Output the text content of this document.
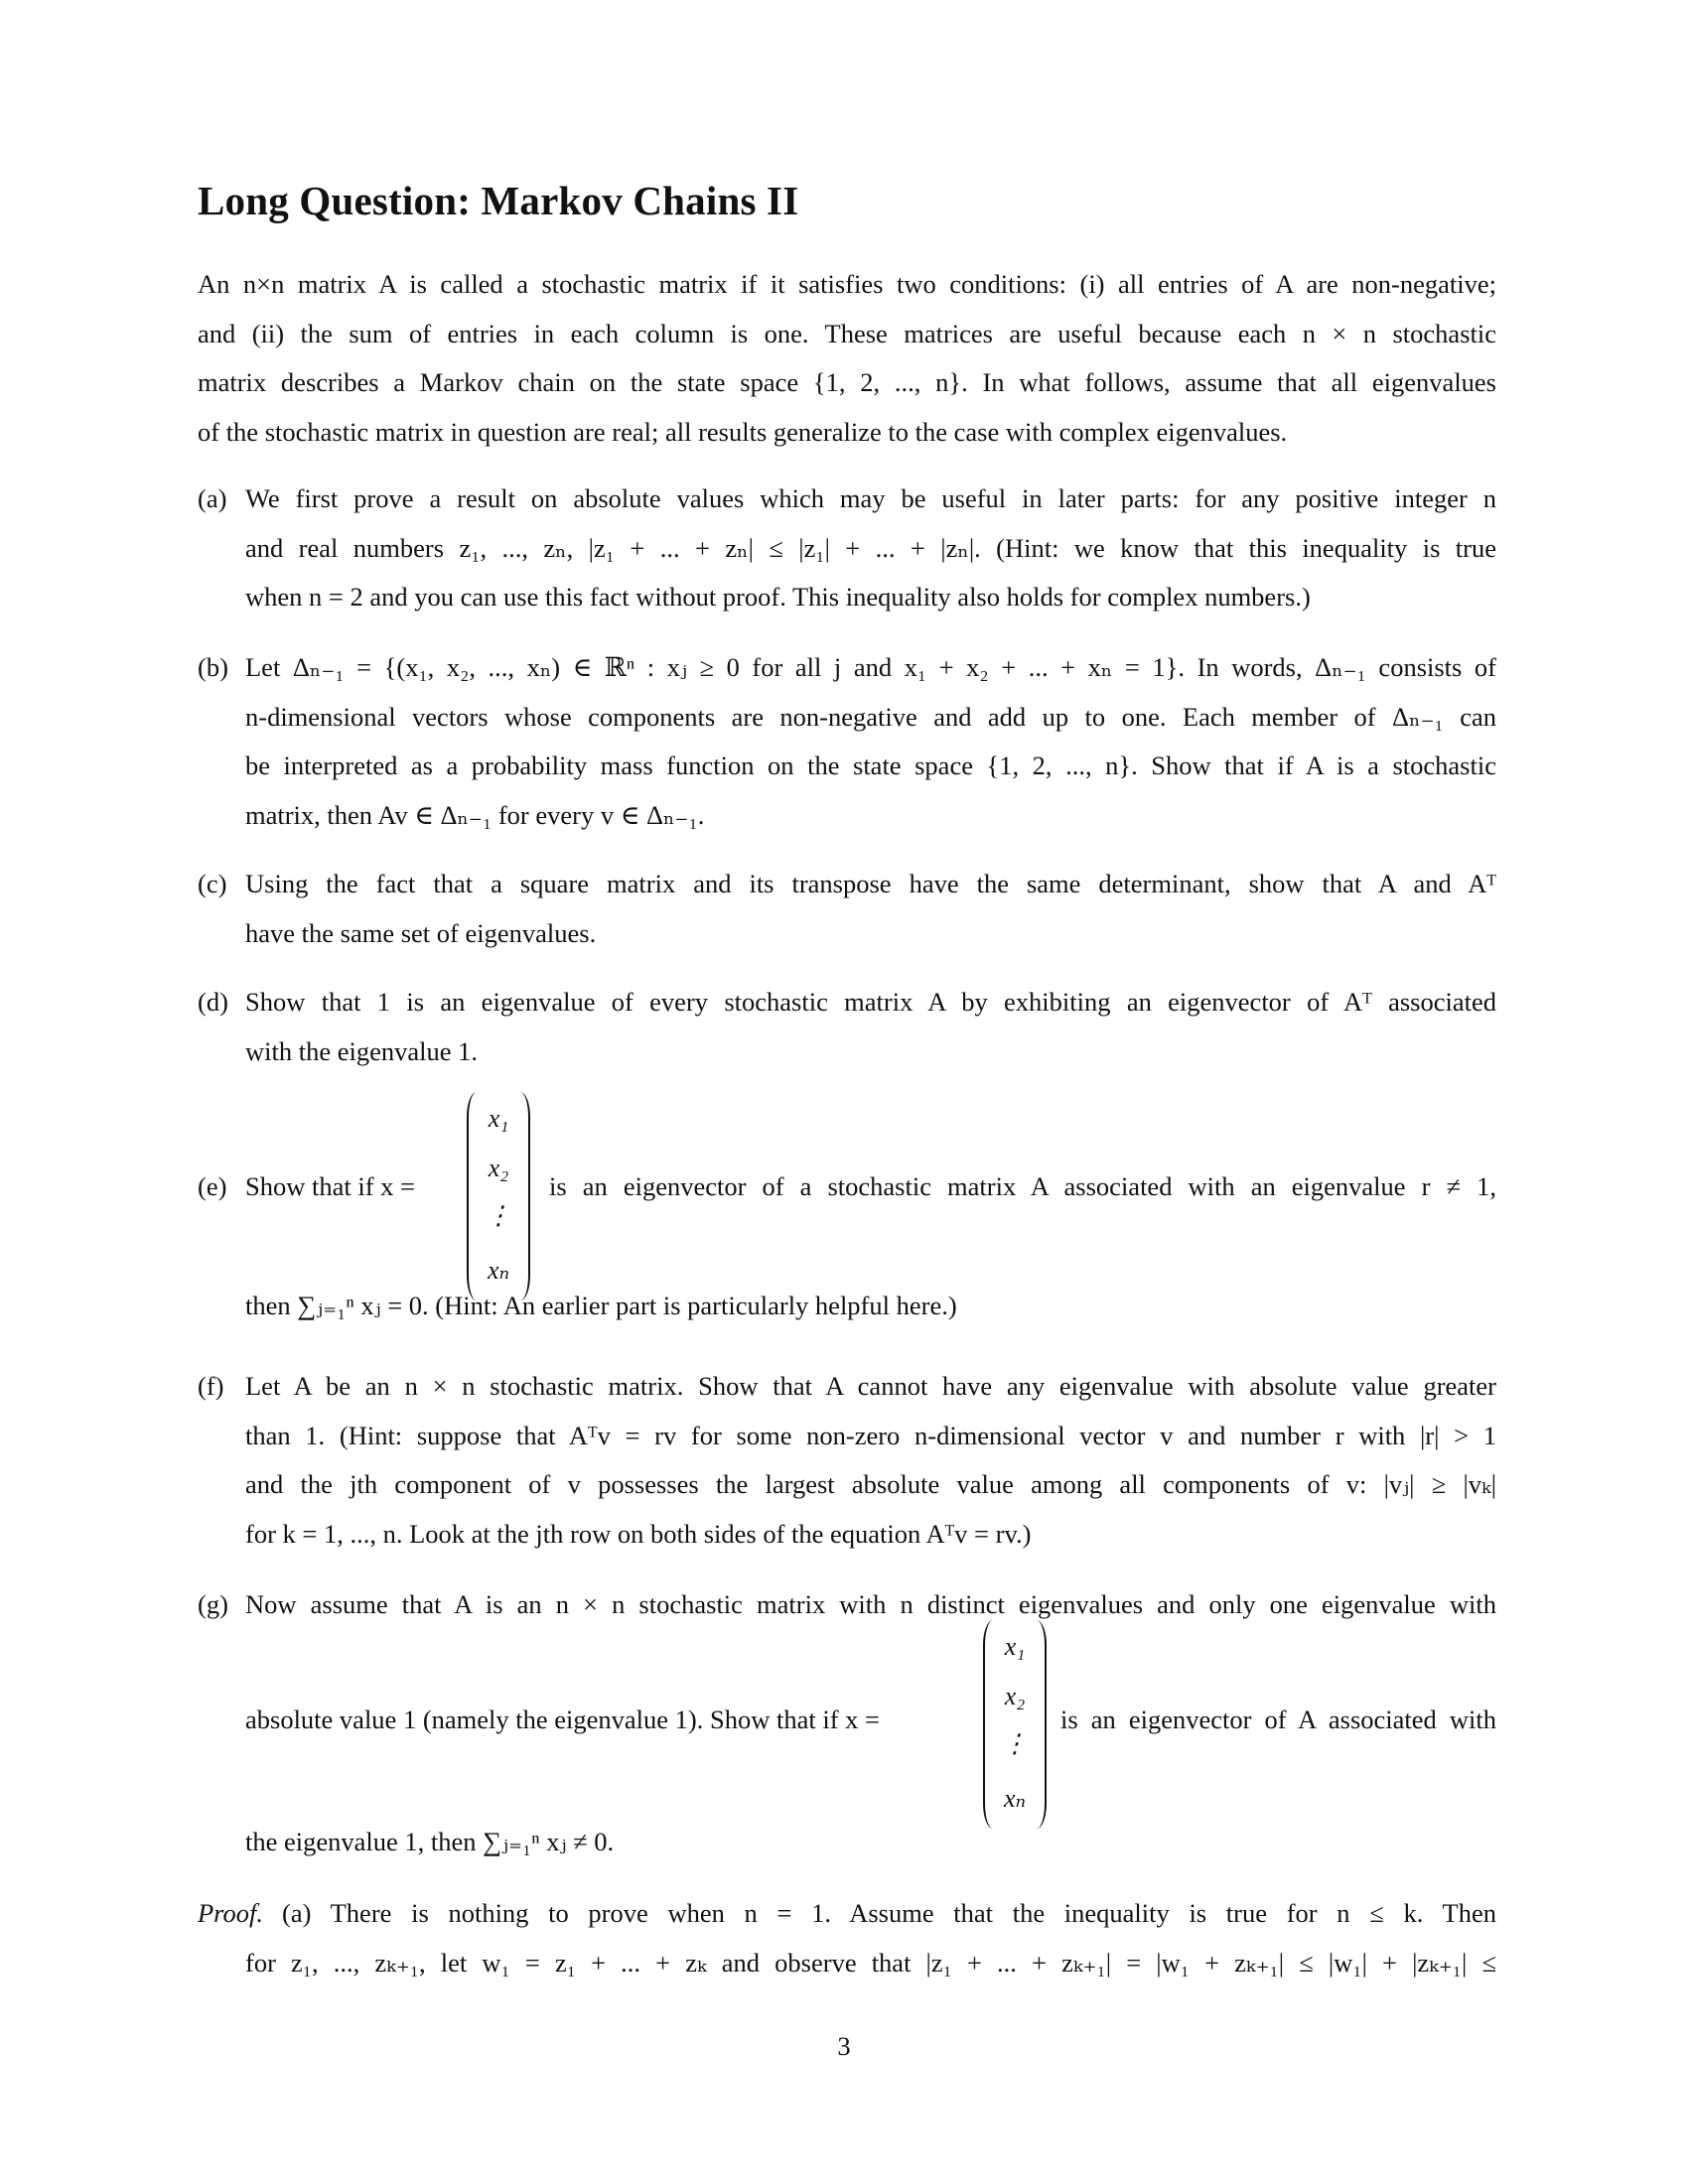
Long Question: Markov Chains II
An n×n matrix A is called a stochastic matrix if it satisfies two conditions: (i) all entries of A are non-negative;
and (ii) the sum of entries in each column is one. These matrices are useful because each n × n stochastic
matrix describes a Markov chain on the state space {1, 2, ..., n}. In what follows, assume that all eigenvalues
of the stochastic matrix in question are real; all results generalize to the case with complex eigenvalues.
(a) We first prove a result on absolute values which may be useful in later parts: for any positive integer n
and real numbers z₁, ..., zₙ, |z₁ + ... + zₙ| ≤ |z₁| + ... + |zₙ|. (Hint: we know that this inequality is true
when n = 2 and you can use this fact without proof. This inequality also holds for complex numbers.)
(b) Let Δₙ₋₁ = {(x₁, x₂, ..., xₙ) ∈ ℝⁿ : xⱼ ≥ 0 for all j and x₁ + x₂ + ... + xₙ = 1}. In words, Δₙ₋₁ consists of
n-dimensional vectors whose components are non-negative and add up to one. Each member of Δₙ₋₁ can
be interpreted as a probability mass function on the state space {1, 2, ..., n}. Show that if A is a stochastic
matrix, then Av ∈ Δₙ₋₁ for every v ∈ Δₙ₋₁.
(c) Using the fact that a square matrix and its transpose have the same determinant, show that A and Aᵀ
have the same set of eigenvalues.
(d) Show that 1 is an eigenvalue of every stochastic matrix A by exhibiting an eigenvector of Aᵀ associated
with the eigenvalue 1.
(e) Show that if x =
x₁
x₂
⋮
xₙ
is an eigenvector of a stochastic matrix A associated with an eigenvalue r ≠ 1,
then ∑ⱼ₌₁ⁿ xⱼ = 0. (Hint: An earlier part is particularly helpful here.)
(f) Let A be an n × n stochastic matrix. Show that A cannot have any eigenvalue with absolute value greater
than 1. (Hint: suppose that Aᵀv = rv for some non-zero n-dimensional vector v and number r with |r| > 1
and the jth component of v possesses the largest absolute value among all components of v: |vⱼ| ≥ |vₖ|
for k = 1, ..., n. Look at the jth row on both sides of the equation Aᵀv = rv.)
(g) Now assume that A is an n × n stochastic matrix with n distinct eigenvalues and only one eigenvalue with
absolute value 1 (namely the eigenvalue 1). Show that if x =
x₁
x₂
⋮
xₙ
is an eigenvector of A associated with
the eigenvalue 1, then ∑ⱼ₌₁ⁿ xⱼ ≠ 0.
Proof. (a) There is nothing to prove when n = 1. Assume that the inequality is true for n ≤ k. Then
for z₁, ..., zₖ₊₁, let w₁ = z₁ + ... + zₖ and observe that |z₁ + ... + zₖ₊₁| = |w₁ + zₖ₊₁| ≤ |w₁| + |zₖ₊₁| ≤
3
